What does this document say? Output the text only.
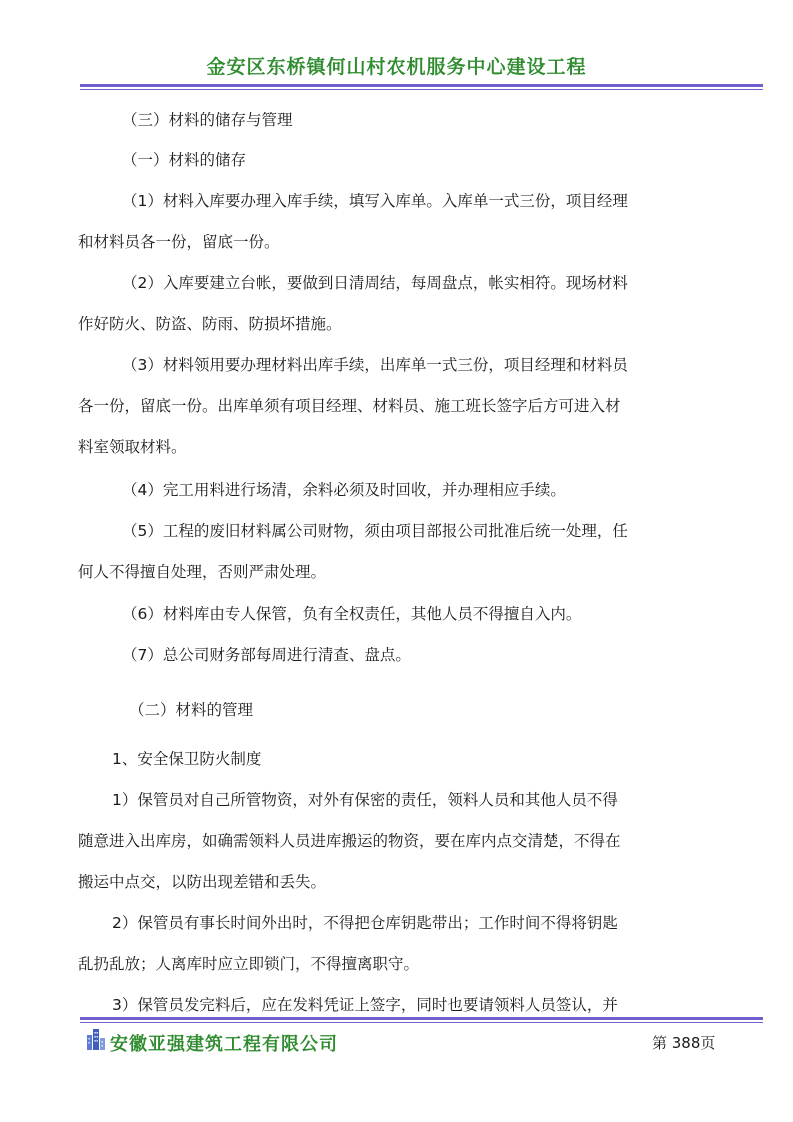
金安区东桥镇何山村农机服务中心建设工程
（三）材料的储存与管理
（一）材料的储存
（1）材料入库要办理入库手续，填写入库单。入库单一式三份，项目经理
和材料员各一份，留底一份。
（2）入库要建立台帐，要做到日清周结，每周盘点，帐实相符。现场材料
作好防火、防盗、防雨、防损坏措施。
（3）材料领用要办理材料出库手续，出库单一式三份，项目经理和材料员
各一份，留底一份。出库单须有项目经理、材料员、施工班长签字后方可进入材
料室领取材料。
（4）完工用料进行场清，余料必须及时回收，并办理相应手续。
（5）工程的废旧材料属公司财物，须由项目部报公司批准后统一处理，任
何人不得擅自处理，否则严肃处理。
（6）材料库由专人保管，负有全权责任，其他人员不得擅自入内。
（7）总公司财务部每周进行清查、盘点。
（二）材料的管理
1、安全保卫防火制度
1）保管员对自己所管物资，对外有保密的责任，领料人员和其他人员不得
随意进入出库房，如确需领料人员进库搬运的物资，要在库内点交清楚，不得在
搬运中点交，以防出现差错和丢失。
2）保管员有事长时间外出时，不得把仓库钥匙带出；工作时间不得将钥匙
乱扔乱放；人离库时应立即锁门，不得擅离职守。
3）保管员发完料后，应在发料凭证上签字，同时也要请领料人员签认，并
安徽亚强建筑工程有限公司	第 388页
